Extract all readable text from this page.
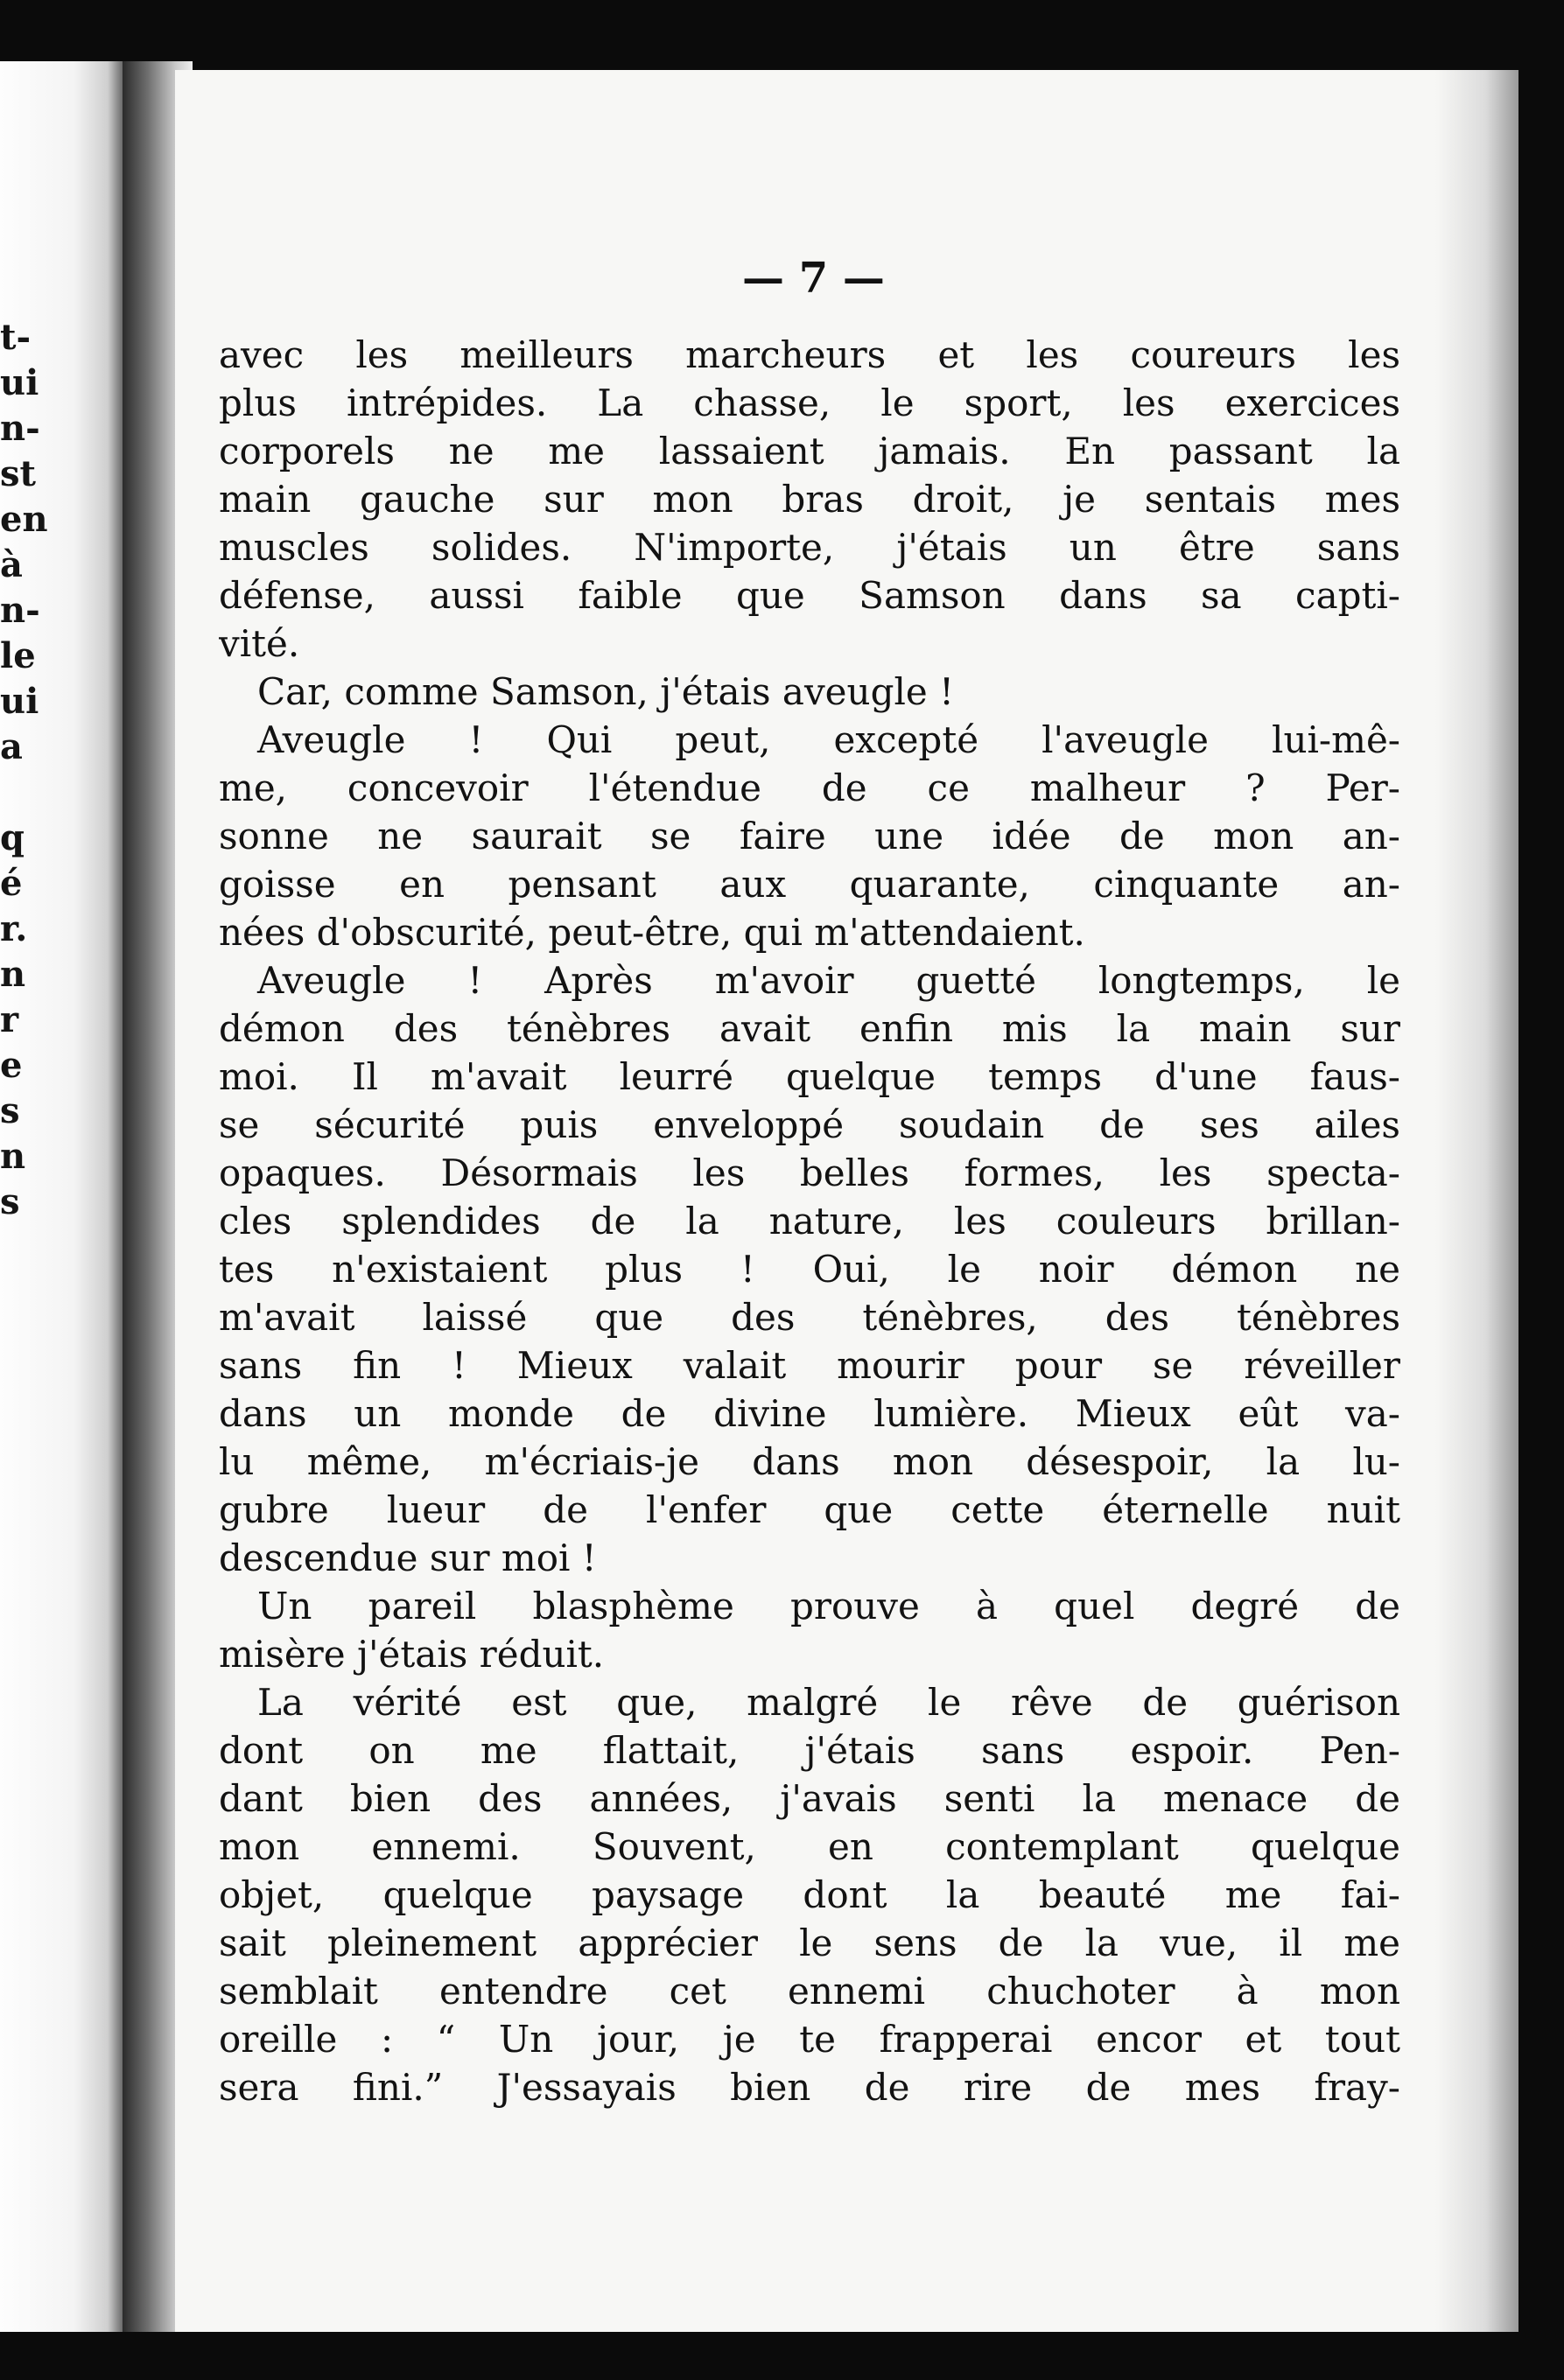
t-
ui
n-
st
en
à
n-
le
ui
a
q
é
r.
n
r
e
s
n
s
— 7 —
avec les meilleurs marcheurs et les coureurs les
plus intrépides. La chasse, le sport, les exercices
corporels ne me lassaient jamais. En passant la
main gauche sur mon bras droit, je sentais mes
muscles solides. N'importe, j'étais un être sans
défense, aussi faible que Samson dans sa capti-
vité.
Car, comme Samson, j'étais aveugle !
Aveugle ! Qui peut, excepté l'aveugle lui-mê-
me, concevoir l'étendue de ce malheur ? Per-
sonne ne saurait se faire une idée de mon an-
goisse en pensant aux quarante, cinquante an-
nées d'obscurité, peut-être, qui m'attendaient.
Aveugle ! Après m'avoir guetté longtemps, le
démon des ténèbres avait enfin mis la main sur
moi. Il m'avait leurré quelque temps d'une faus-
se sécurité puis enveloppé soudain de ses ailes
opaques. Désormais les belles formes, les specta-
cles splendides de la nature, les couleurs brillan-
tes n'existaient plus ! Oui, le noir démon ne
m'avait laissé que des ténèbres, des ténèbres
sans fin ! Mieux valait mourir pour se réveiller
dans un monde de divine lumière. Mieux eût va-
lu même, m'écriais-je dans mon désespoir, la lu-
gubre lueur de l'enfer que cette éternelle nuit
descendue sur moi !
Un pareil blasphème prouve à quel degré de
misère j'étais réduit.
La vérité est que, malgré le rêve de guérison
dont on me flattait, j'étais sans espoir. Pen-
dant bien des années, j'avais senti la menace de
mon ennemi. Souvent, en contemplant quelque
objet, quelque paysage dont la beauté me fai-
sait pleinement apprécier le sens de la vue, il me
semblait entendre cet ennemi chuchoter à mon
oreille : “ Un jour, je te frapperai encor et tout
sera fini.” J'essayais bien de rire de mes fray-
